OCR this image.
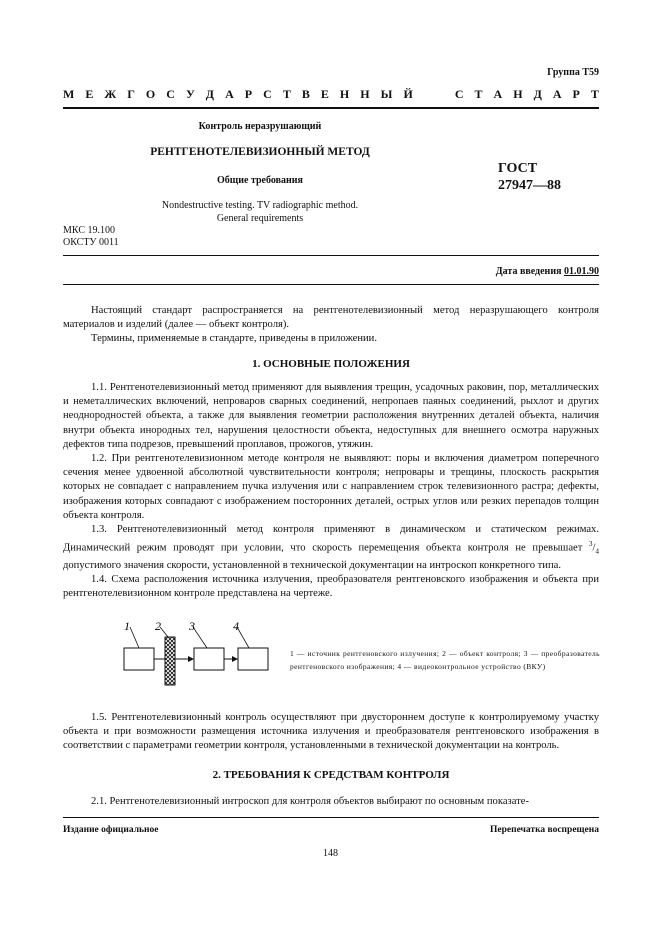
Группа Т59
М Е Ж Г О С У Д А Р С Т В Е Н Н Ы Й	С Т А Н Д А Р Т
Контроль неразрушающий
РЕНТГЕНОТЕЛЕВИЗИОННЫЙ МЕТОД
Общие требования
Nondestructive testing. TV radiographic method.
General requirements
ГОСТ
27947—88
МКС 19.100
ОКСТУ 0011
Дата введения 01.01.90

Настоящий стандарт распространяется на рентгенотелевизионный метод неразрушающего контроля материалов и изделий (далее — объект контроля).

Термины, применяемые в стандарте, приведены в приложении.

1. ОСНОВНЫЕ ПОЛОЖЕНИЯ

1.1. Рентгенотелевизионный метод применяют для выявления трещин, усадочных раковин, пор, металлических и неметаллических включений, непроваров сварных соединений, непропаев паяных соединений, рыхлот и других неоднородностей объекта, а также для выявления геометрии расположения внутренних деталей объекта, наличия внутри объекта инородных тел, нарушения целостности объекта, недоступных для внешнего осмотра наружных дефектов типа подрезов, превышений проплавов, прожогов, утяжин.

1.2. При рентгенотелевизионном методе контроля не выявляют: поры и включения диаметром поперечного сечения менее удвоенной абсолютной чувствительности контроля; непровары и трещины, плоскость раскрытия которых не совпадает с направлением пучка излучения или с направлением строк телевизионного растра; дефекты, изображения которых совпадают с изображением посторонних деталей, острых углов или резких перепадов толщин объекта контроля.

1.3. Рентгенотелевизионный метод контроля применяют в динамическом и статическом режимах. Динамический режим проводят при условии, что скорость перемещения объекта контроля не превышает $^3/_4$ допустимого значения скорости, установленной в технической документации на интроскоп конкретного типа.

1.4. Схема расположения источника излучения, преобразователя рентгеновского изображения и объекта при рентгенотелевизионном контроле представлена на чертеже.

1 2 3	4
1 — источник рентгеновского излучения; 2 — объект контроля; 3 — преобразователь рентгеновского изображения; 4 — видеоконтрольное устройство (ВКУ)

1.5. Рентгенотелевизионный контроль осуществляют при двустороннем доступе к контролируемому участку объекта и при возможности размещения источника излучения и преобразователя рентгеновского изображения в соответствии с параметрами геометрии контроля, установленными в технической документации на контроль.

2. ТРЕБОВАНИЯ К СРЕДСТВАМ КОНТРОЛЯ

2.1. Рентгенотелевизионный интроскоп для контроля объектов выбирают по основным показате-

Издание официальное	Перепечатка воспрещена
148
